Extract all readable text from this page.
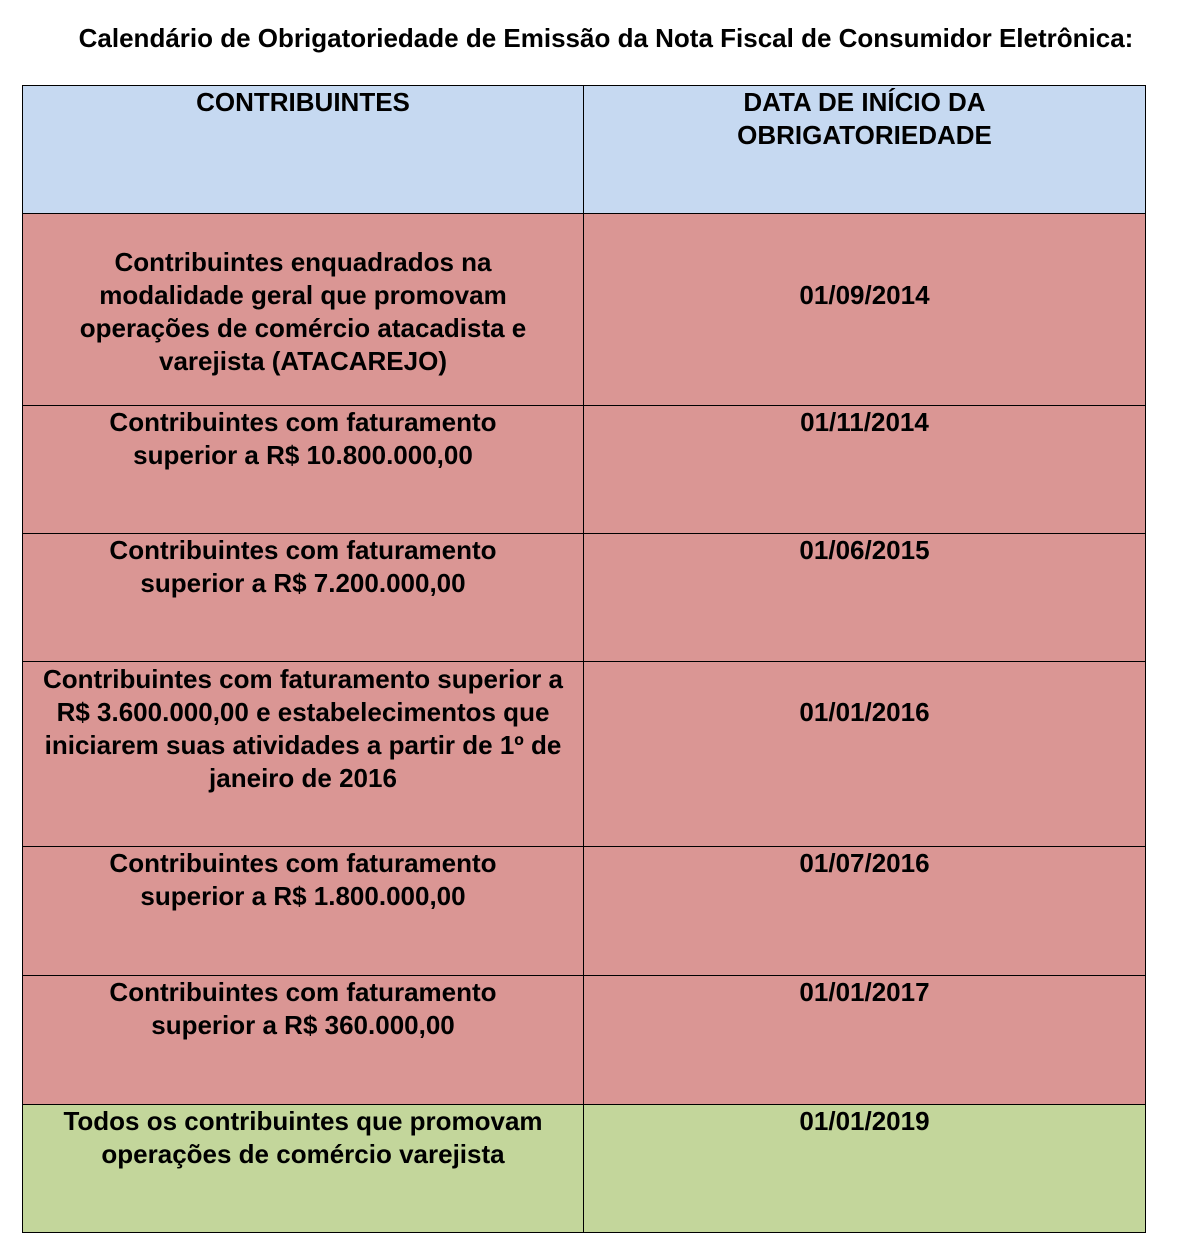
Calendário de Obrigatoriedade de Emissão da Nota Fiscal de Consumidor Eletrônica:
CONTRIBUINTES	DATA DE INÍCIO DA OBRIGATORIEDADE

Contribuintes enquadrados na modalidade geral que promovam operações de comércio atacadista e varejista (ATACAREJO)	01/09/2014

Contribuintes com faturamento superior a R$ 10.800.000,00	01/11/2014

Contribuintes com faturamento superior a R$ 7.200.000,00	01/06/2015

Contribuintes com faturamento superior a R$ 3.600.000,00 e estabelecimentos que iniciarem suas atividades a partir de 1º de janeiro de 2016	01/01/2016

Contribuintes com faturamento superior a R$ 1.800.000,00	01/07/2016

Contribuintes com faturamento superior a R$ 360.000,00	01/01/2017

Todos os contribuintes que promovam operações de comércio varejista	01/01/2019
